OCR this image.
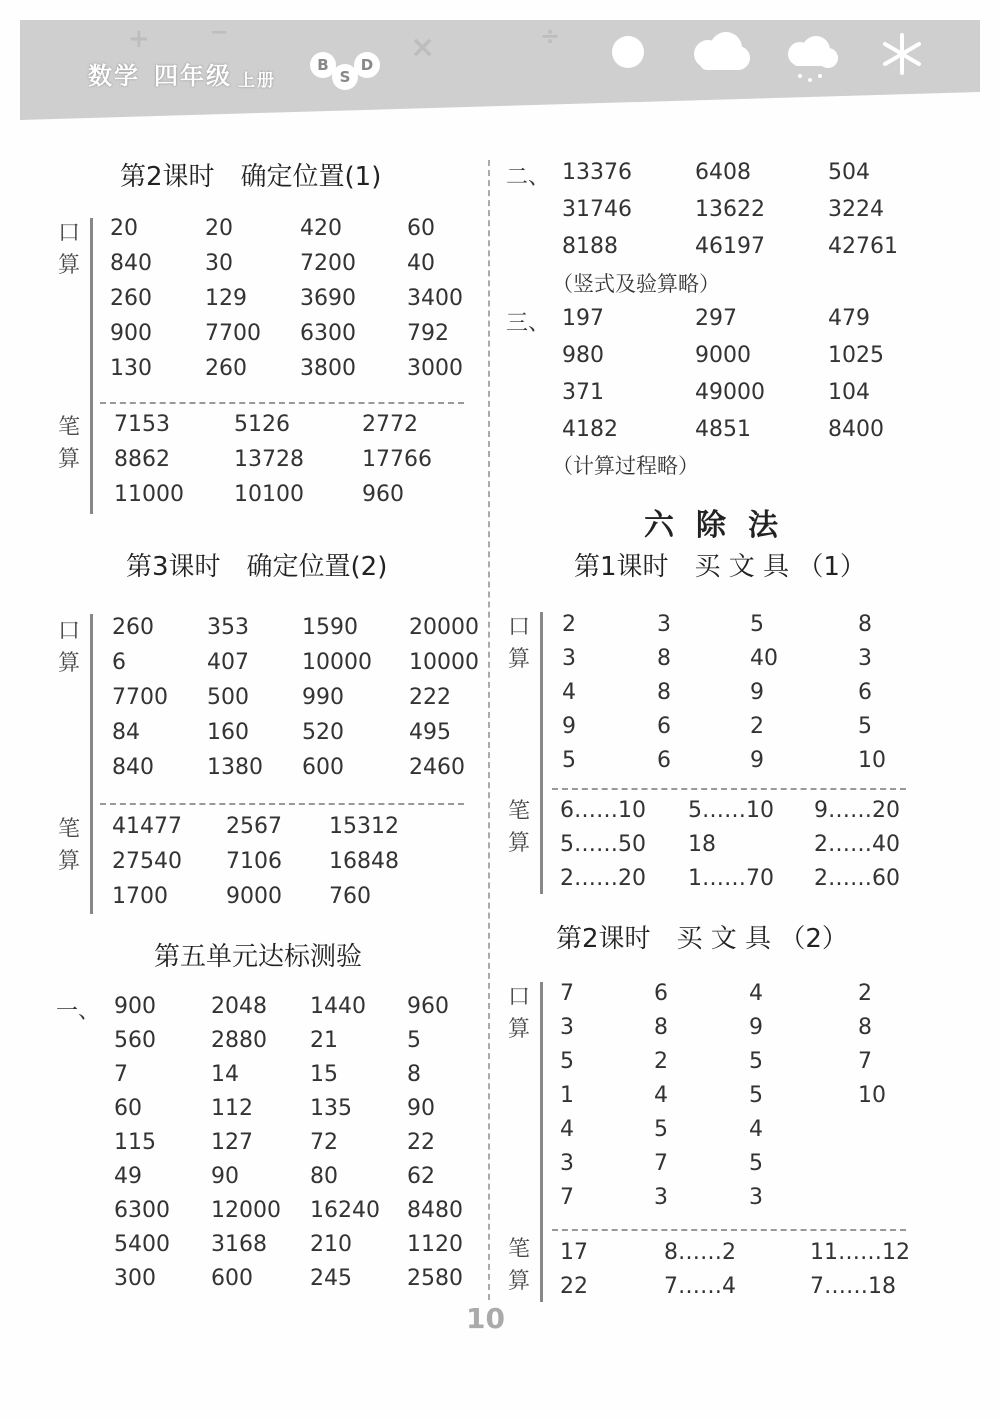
+	−	×	÷
数学 四年级 上册
B
S
D
第2课时　确定位置(1)
口算
20	20	420	60
840	30	7200	40
260	129	3690	3400
900	7700	6300	792
130	260	3800	3000
笔算
7153	5126	2772
8862	13728	17766
11000	10100	960
第3课时　确定位置(2)
口算
260	353	1590	20000
6	407	10000	10000
7700	500	990	222
84	160	520	495
840	1380	600	2460
笔算
41477	2567	15312
27540	7106	16848
1700	9000	760
第五单元达标测验
一、 900	2048	1440	960
560	2880	21	5
7	14	15	8
60	112	135	90
115	127	72	22
49	90	80	62
6300	12000	16240	8480
5400	3168	210	1120
300	600	245	2580
二、 13376	6408	504
31746	13622	3224
8188	46197	42761
（竖式及验算略）
三、 197	297	479
980	9000	1025
371	49000	104
4182	4851	8400
（计算过程略）
六除法
第1课时　买 文 具 （1）
口算
2	3	5	8
3	8	40	3
4	8	9	6
9	6	2	5
5	6	9	10
笔算
6……10	5……10	9……20
5……50	18	2……40
2……20	1……70	2……60
第2课时　买 文 具 （2）
口算
7	6	4	2
3	8	9	8
5	2	5	7
1	4	5	10
4	5	4
3	7	5
7	3	3
笔算
17	8……2	11……12
22	7……4	7……18
10
